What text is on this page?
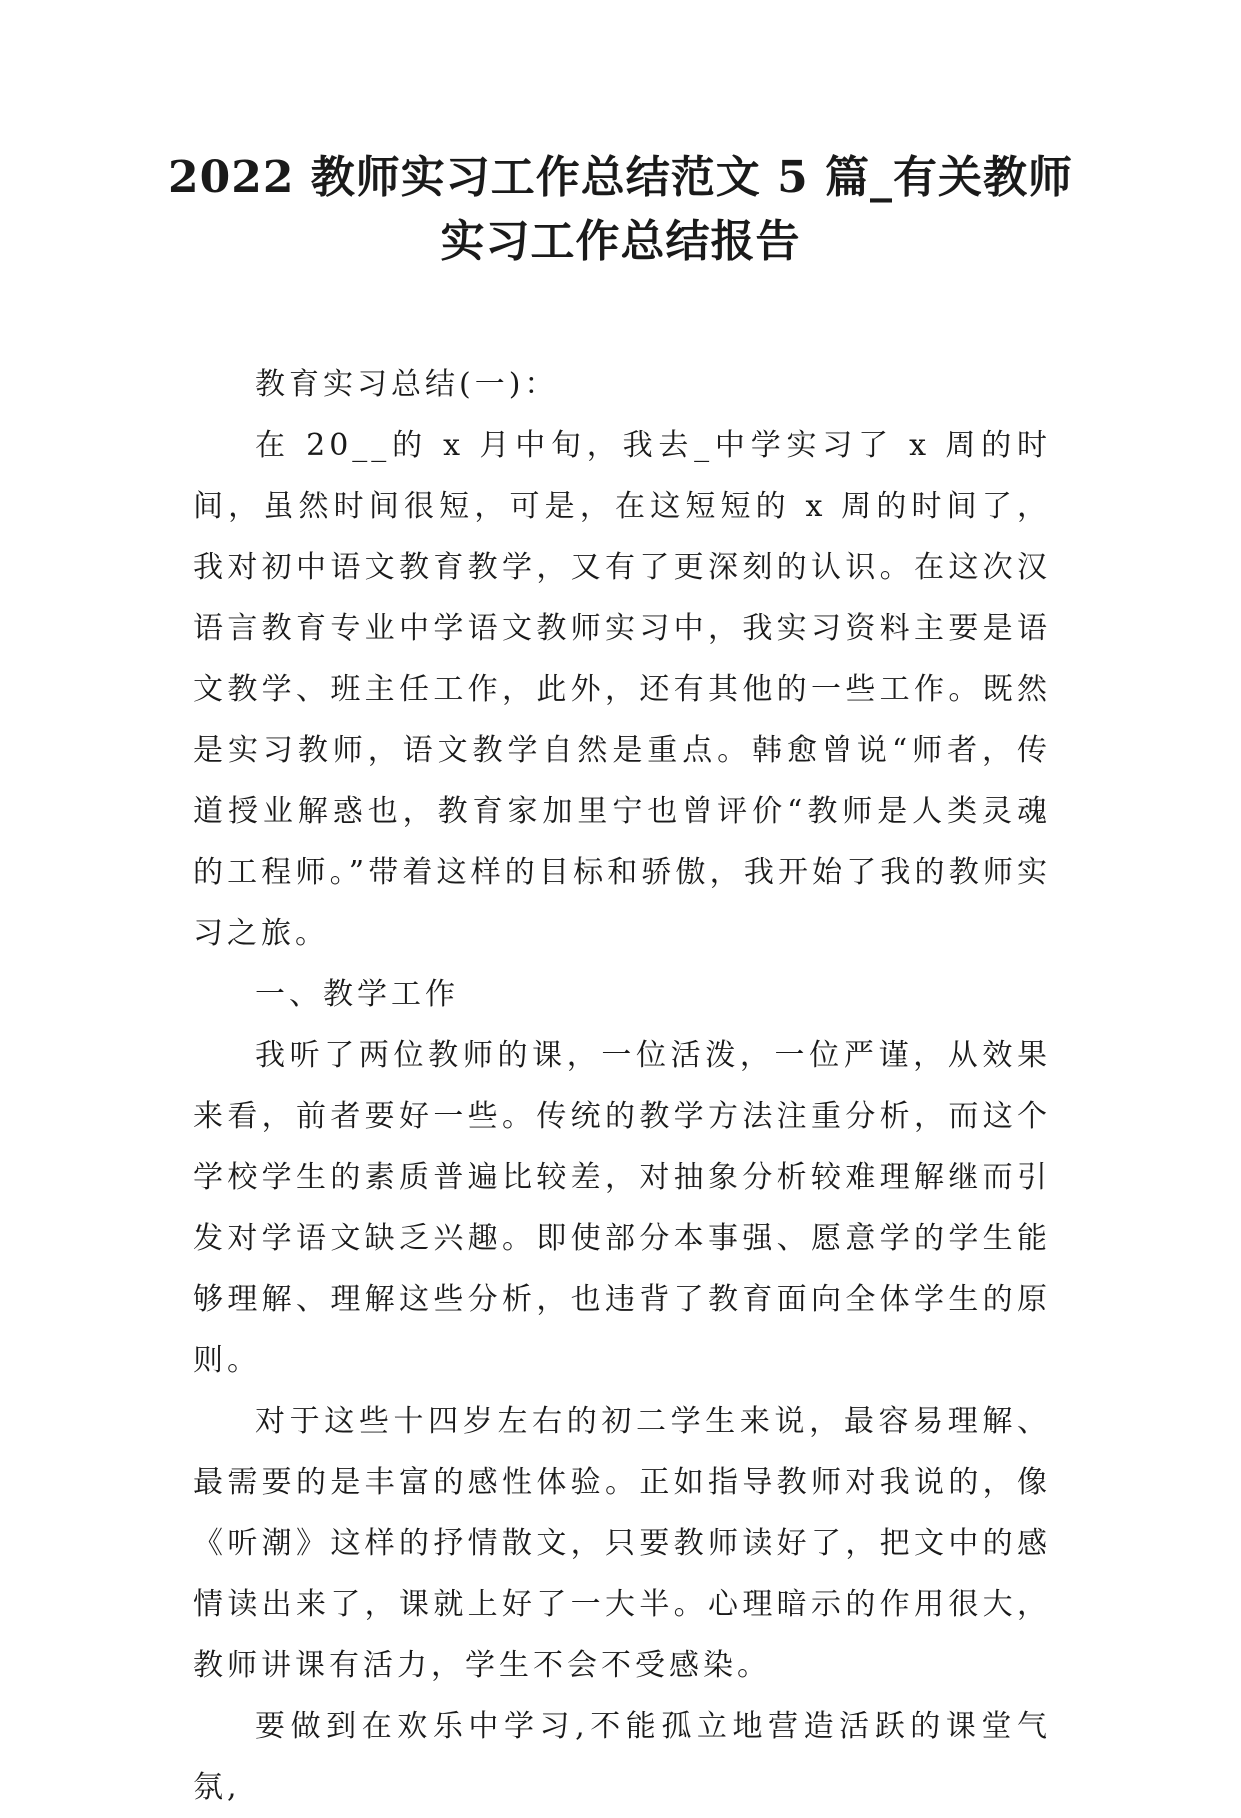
2022 教师实习工作总结范文 5 篇_有关教师实习工作总结报告

教育实习总结(一)：

在 20__的 x 月中旬，我去_中学实习了 x 周的时间，虽然时间很短，可是，在这短短的 x 周的时间了，我对初中语文教育教学，又有了更深刻的认识。在这次汉语言教育专业中学语文教师实习中，我实习资料主要是语文教学、班主任工作，此外，还有其他的一些工作。既然是实习教师，语文教学自然是重点。韩愈曾说“师者，传道授业解惑也，教育家加里宁也曾评价“教师是人类灵魂的工程师。”带着这样的目标和骄傲，我开始了我的教师实习之旅。

一、教学工作

我听了两位教师的课，一位活泼，一位严谨，从效果来看，前者要好一些。传统的教学方法注重分析，而这个学校学生的素质普遍比较差，对抽象分析较难理解继而引发对学语文缺乏兴趣。即使部分本事强、愿意学的学生能够理解、理解这些分析，也违背了教育面向全体学生的原则。

对于这些十四岁左右的初二学生来说，最容易理解、最需要的是丰富的感性体验。正如指导教师对我说的，像《听潮》这样的抒情散文，只要教师读好了，把文中的感情读出来了，课就上好了一大半。心理暗示的作用很大，教师讲课有活力，学生不会不受感染。

要做到在欢乐中学习,不能孤立地营造活跃的课堂气氛,
